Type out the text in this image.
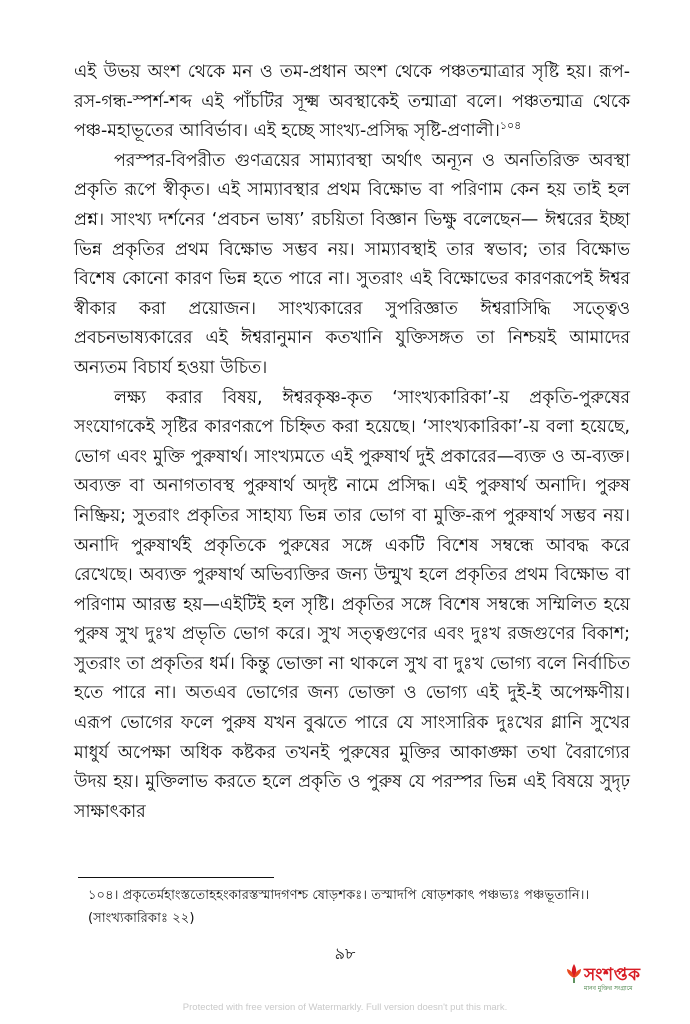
এই উভয় অংশ থেকে মন ও তম-প্রধান অংশ থেকে পঞ্চতন্মাত্রার সৃষ্টি হয়। রূপ-রস-গন্ধ-স্পর্শ-শব্দ এই পাঁচটির সূক্ষ্ম অবস্থাকেই তন্মাত্রা বলে। পঞ্চতন্মাত্র থেকে পঞ্চ-মহাভূতের আবির্ভাব। এই হচ্ছে সাংখ্য-প্রসিদ্ধ সৃষ্টি-প্রণালী।$^{১০৪}$

পরস্পর-বিপরীত গুণত্রয়ের সাম্যাবস্থা অর্থাৎ অন্যূন ও অনতিরিক্ত অবস্থা প্রকৃতি রূপে স্বীকৃত। এই সাম্যাবস্থার প্রথম বিক্ষোভ বা পরিণাম কেন হয় তাই হল প্রশ্ন। সাংখ্য দর্শনের ‘প্রবচন ভাষ্য’ রচয়িতা বিজ্ঞান ভিক্ষু বলেছেন— ঈশ্বরের ইচ্ছা ভিন্ন প্রকৃতির প্রথম বিক্ষোভ সম্ভব নয়। সাম্যাবস্থাই তার স্বভাব; তার বিক্ষোভ বিশেষ কোনো কারণ ভিন্ন হতে পারে না। সুতরাং এই বিক্ষোভের কারণরূপেই ঈশ্বর স্বীকার করা প্রয়োজন। সাংখ্যকারের সুপরিজ্ঞাত ঈশ্বরাসিদ্ধি সত্ত্বেও প্রবচনভাষ্যকারের এই ঈশ্বরানুমান কতখানি যুক্তিসঙ্গত তা নিশ্চয়ই আমাদের অন্যতম বিচার্য হওয়া উচিত।

লক্ষ্য করার বিষয়, ঈশ্বরকৃষ্ণ-কৃত ‘সাংখ্যকারিকা’-য় প্রকৃতি-পুরুষের সংযোগকেই সৃষ্টির কারণরূপে চিহ্নিত করা হয়েছে। ‘সাংখ্যকারিকা’-য় বলা হয়েছে, ভোগ এবং মুক্তি পুরুষার্থ। সাংখ্যমতে এই পুরুষার্থ দুই প্রকারের—ব্যক্ত ও অ-ব্যক্ত। অব্যক্ত বা অনাগতাবস্থ পুরুষার্থ অদৃষ্ট নামে প্রসিদ্ধ। এই পুরুষার্থ অনাদি। পুরুষ নিষ্ক্রিয়; সুতরাং প্রকৃতির সাহায্য ভিন্ন তার ভোগ বা মুক্তি-রূপ পুরুষার্থ সম্ভব নয়। অনাদি পুরুষার্থই প্রকৃতিকে পুরুষের সঙ্গে একটি বিশেষ সম্বন্ধে আবদ্ধ করে রেখেছে। অব্যক্ত পুরুষার্থ অভিব্যক্তির জন্য উন্মুখ হলে প্রকৃতির প্রথম বিক্ষোভ বা পরিণাম আরম্ভ হয়—এইটিই হল সৃষ্টি। প্রকৃতির সঙ্গে বিশেষ সম্বন্ধে সম্মিলিত হয়ে পুরুষ সুখ দুঃখ প্রভৃতি ভোগ করে। সুখ সত্ত্বগুণের এবং দুঃখ রজগুণের বিকাশ; সুতরাং তা প্রকৃতির ধর্ম। কিন্তু ভোক্তা না থাকলে সুখ বা দুঃখ ভোগ্য বলে নির্বাচিত হতে পারে না। অতএব ভোগের জন্য ভোক্তা ও ভোগ্য এই দুই-ই অপেক্ষণীয়। এরূপ ভোগের ফলে পুরুষ যখন বুঝতে পারে যে সাংসারিক দুঃখের গ্লানি সুখের মাধুর্য অপেক্ষা অধিক কষ্টকর তখনই পুরুষের মুক্তির আকাঙ্ক্ষা তথা বৈরাগ্যের উদয় হয়। মুক্তিলাভ করতে হলে প্রকৃতি ও পুরুষ যে পরস্পর ভিন্ন এই বিষয়ে সুদৃঢ় সাক্ষাৎকার

১০৪। প্রকৃতের্মহাংস্ততোহহংকারস্তস্মাদগণশ্চ ষোড়শকঃ। তস্মাদপি ষোড়শকাৎ পঞ্চভ্যঃ পঞ্চভূতানি।। (সাংখ্যকারিকাঃ ২২)

৯৮
সংশপ্তক
মানব মুক্তির সংগ্রামে
Protected with free version of Watermarkly. Full version doesn't put this mark.
